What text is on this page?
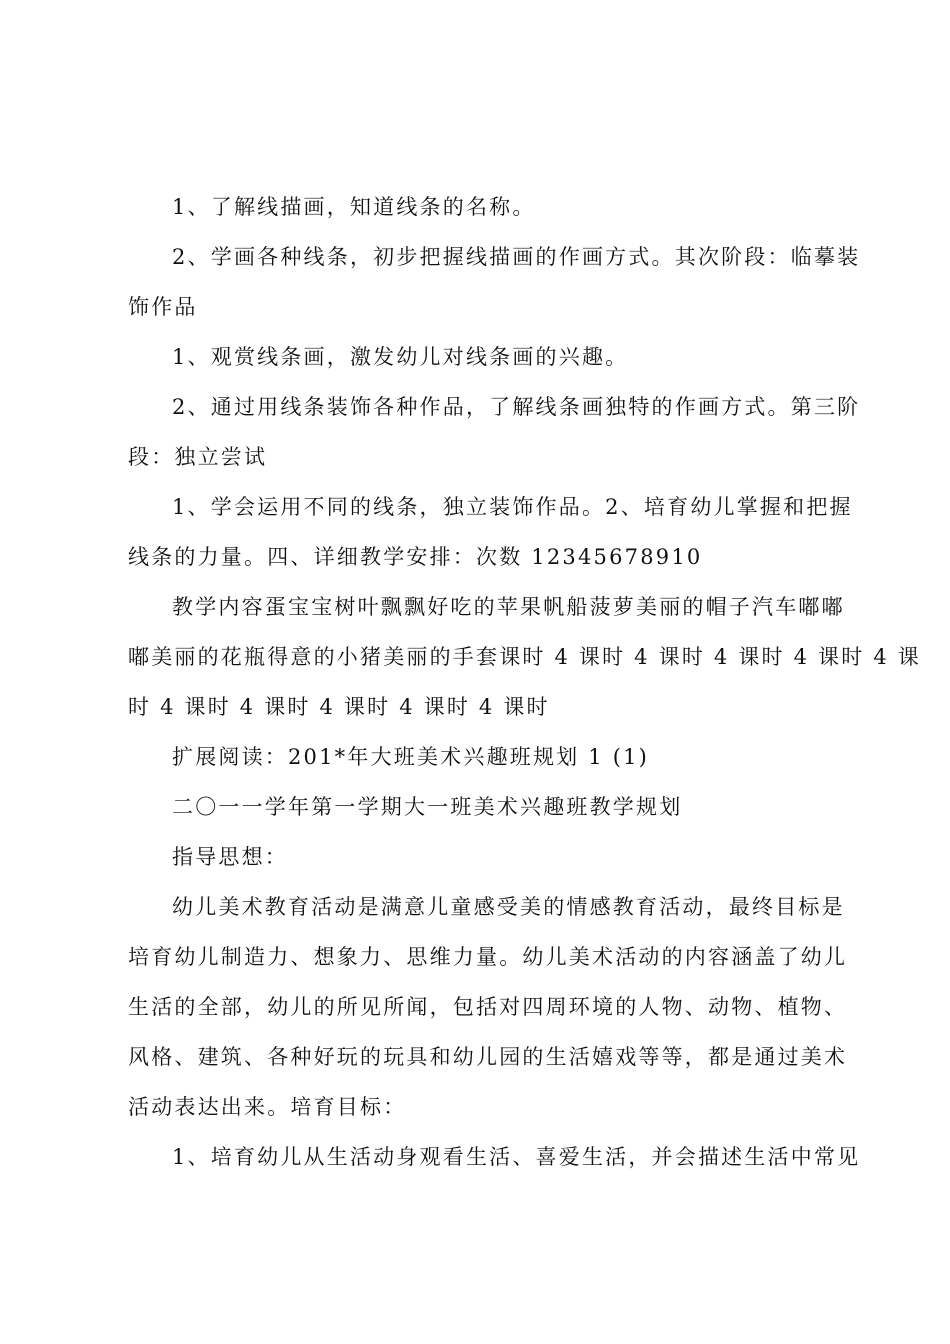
1、了解线描画，知道线条的名称。
2、学画各种线条，初步把握线描画的作画方式。其次阶段：临摹装
饰作品
1、观赏线条画，激发幼儿对线条画的兴趣。
2、通过用线条装饰各种作品，了解线条画独特的作画方式。第三阶
段：独立尝试
1、学会运用不同的线条，独立装饰作品。2、培育幼儿掌握和把握
线条的力量。四、详细教学安排：次数 12345678910
教学内容蛋宝宝树叶飘飘好吃的苹果帆船菠萝美丽的帽子汽车嘟嘟
嘟美丽的花瓶得意的小猪美丽的手套课时 4 课时 4 课时 4 课时 4 课时 4 课
时 4 课时 4 课时 4 课时 4 课时 4 课时
扩展阅读：201*年大班美术兴趣班规划 1 (1)
二〇一一学年第一学期大一班美术兴趣班教学规划
指导思想：
幼儿美术教育活动是满意儿童感受美的情感教育活动，最终目标是
培育幼儿制造力、想象力、思维力量。幼儿美术活动的内容涵盖了幼儿
生活的全部，幼儿的所见所闻，包括对四周环境的人物、动物、植物、
风格、建筑、各种好玩的玩具和幼儿园的生活嬉戏等等，都是通过美术
活动表达出来。培育目标：
1、培育幼儿从生活动身观看生活、喜爱生活，并会描述生活中常见
